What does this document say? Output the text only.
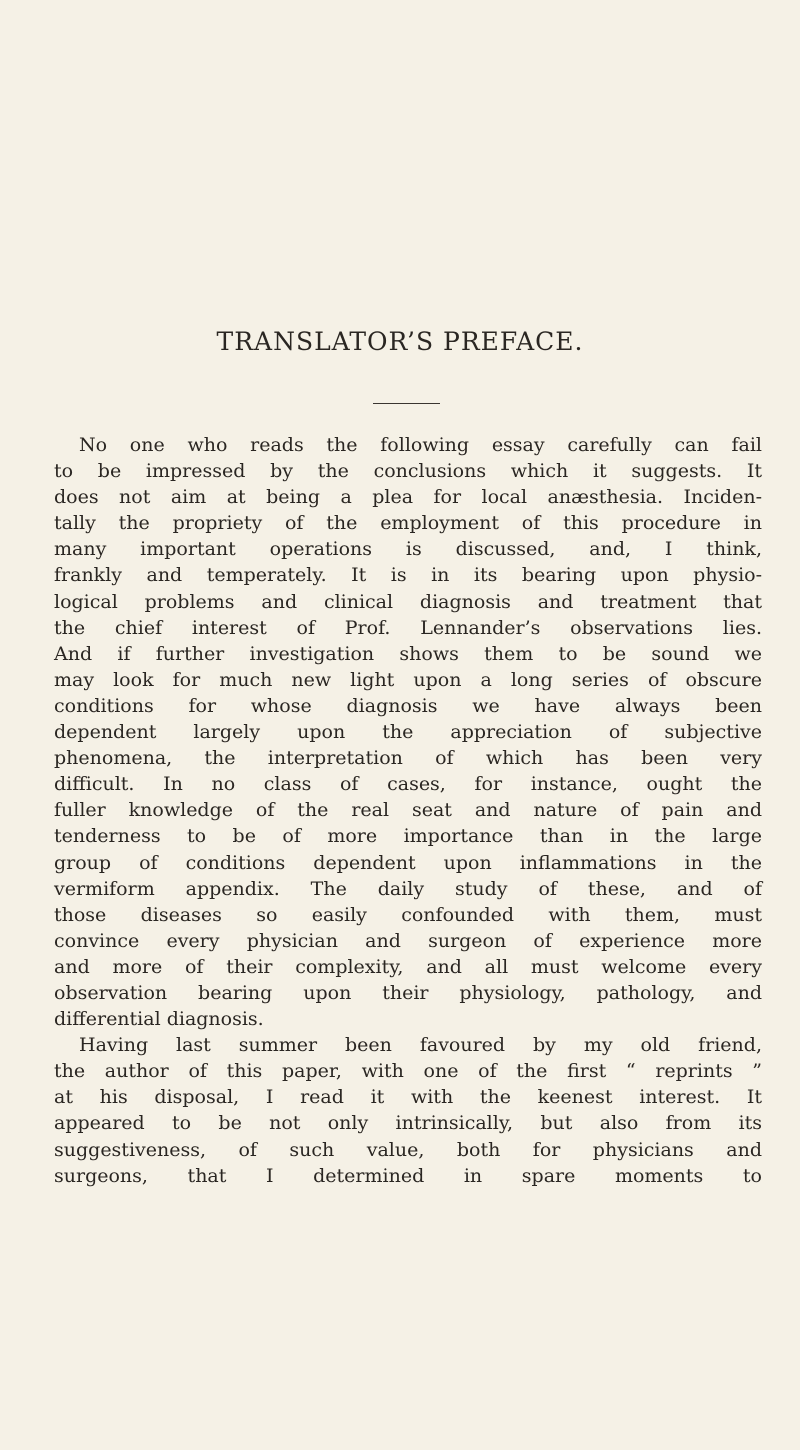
TRANSLATOR’S PREFACE.
No one who reads the following essay carefully can fail
to be impressed by the conclusions which it suggests. It
does not aim at being a plea for local anæsthesia. Inciden-
tally the propriety of the employment of this procedure in
many important operations is discussed, and, I think,
frankly and temperately. It is in its bearing upon physio-
logical problems and clinical diagnosis and treatment that
the chief interest of Prof. Lennander’s observations lies.
And if further investigation shows them to be sound we
may look for much new light upon a long series of obscure
conditions for whose diagnosis we have always been
dependent largely upon the appreciation of subjective
phenomena, the interpretation of which has been very
difficult. In no class of cases, for instance, ought the
fuller knowledge of the real seat and nature of pain and
tenderness to be of more importance than in the large
group of conditions dependent upon inflammations in the
vermiform appendix. The daily study of these, and of
those diseases so easily confounded with them, must
convince every physician and surgeon of experience more
and more of their complexity, and all must welcome every
observation bearing upon their physiology, pathology, and
differential diagnosis.
Having last summer been favoured by my old friend,
the author of this paper, with one of the first “ reprints ”
at his disposal, I read it with the keenest interest. It
appeared to be not only intrinsically, but also from its
suggestiveness, of such value, both for physicians and
surgeons, that I determined in spare moments to
